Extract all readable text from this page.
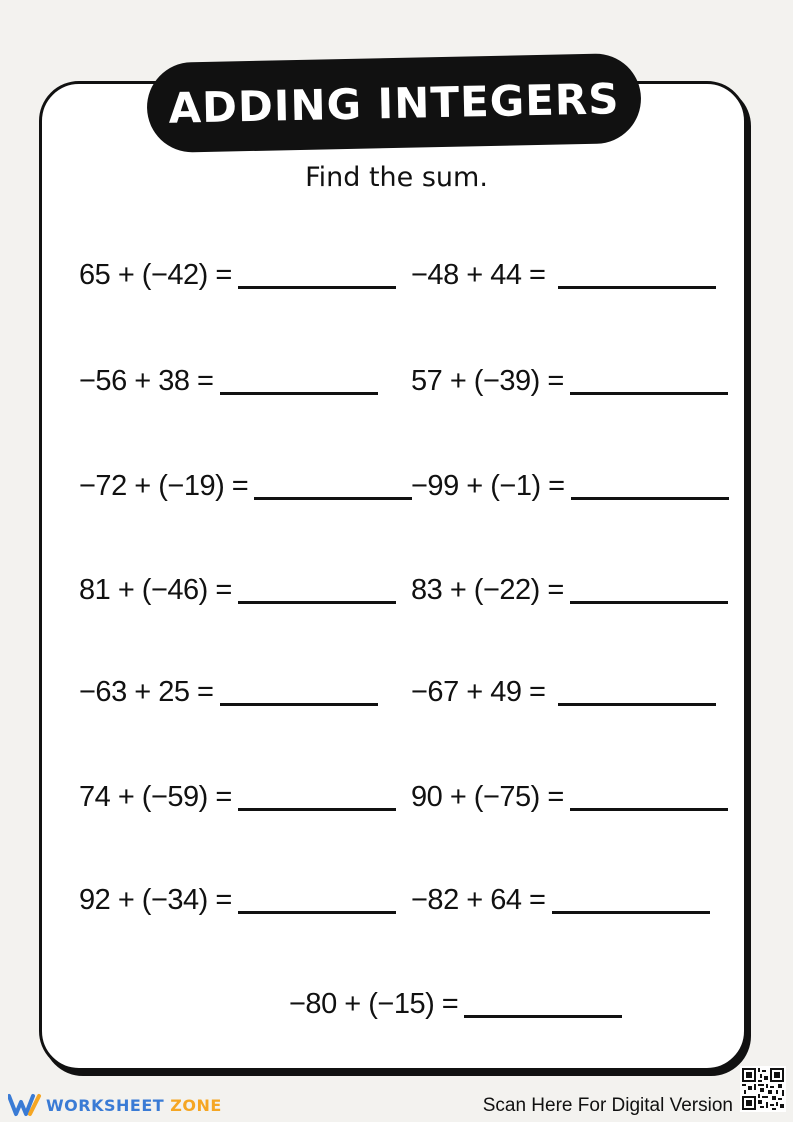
ADDING INTEGERS
Find the sum.
65 + (−42) =	−48 + 44 =
−56 + 38 =	57 + (−39) =
−72 + (−19) =	−99 + (−1) =
81 + (−46) =	83 + (−22) =
−63 + 25 =	−67 + 49 =
74 + (−59) =	90 + (−75) =
92 + (−34) =	−82 + 64 =
−80 + (−15) =
WORKSHEET ZONE	Scan Here For Digital Version
